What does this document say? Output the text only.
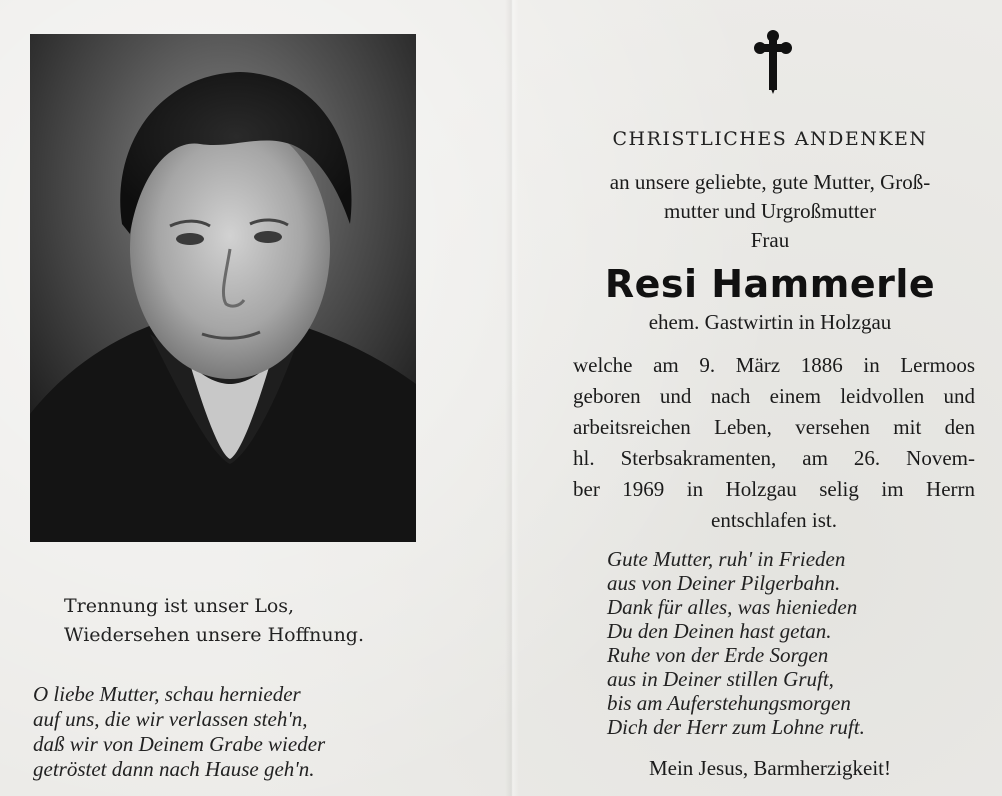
Trennung ist unser Los,
Wiedersehen unsere Hoffnung.
O liebe Mutter, schau hernieder
auf uns, die wir verlassen steh'n,
daß wir von Deinem Grabe wieder
getröstet dann nach Hause geh'n.
CHRISTLICHES ANDENKEN
an unsere geliebte, gute Mutter, Groß-
mutter und Urgroßmutter
Frau
Resi Hammerle
ehem. Gastwirtin in Holzgau
welche am 9. März 1886 in Lermoos
geboren und nach einem leidvollen und
arbeitsreichen Leben, versehen mit den
hl. Sterbsakramenten, am 26. Novem-
ber 1969 in Holzgau selig im Herrn
entschlafen ist.
Gute Mutter, ruh' in Frieden
aus von Deiner Pilgerbahn.
Dank für alles, was hienieden
Du den Deinen hast getan.
Ruhe von der Erde Sorgen
aus in Deiner stillen Gruft,
bis am Auferstehungsmorgen
Dich der Herr zum Lohne ruft.
Mein Jesus, Barmherzigkeit!
